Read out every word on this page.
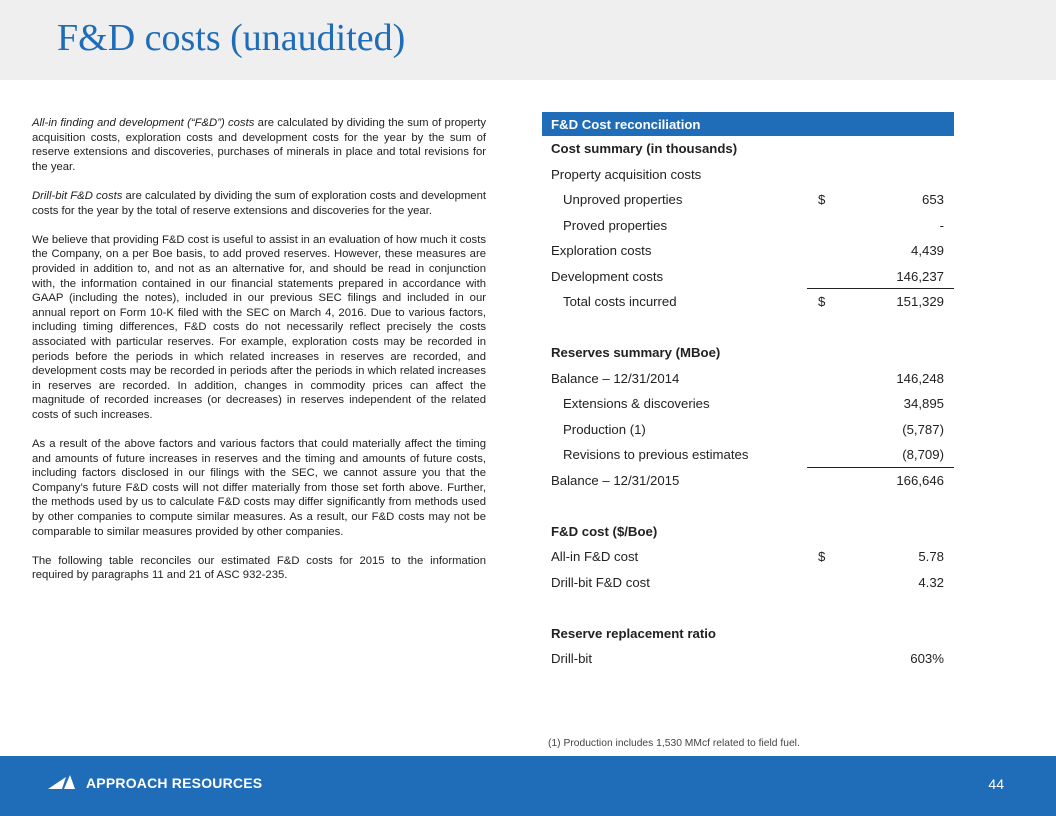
F&D costs (unaudited)

All-in finding and development (“F&D”) costs are calculated by dividing the sum of property acquisition costs, exploration costs and development costs for the year by the sum of reserve extensions and discoveries, purchases of minerals in place and total revisions for the year.

Drill-bit F&D costs are calculated by dividing the sum of exploration costs and development costs for the year by the total of reserve extensions and discoveries for the year.

We believe that providing F&D cost is useful to assist in an evaluation of how much it costs the Company, on a per Boe basis, to add proved reserves. However, these measures are provided in addition to, and not as an alternative for, and should be read in conjunction with, the information contained in our financial statements prepared in accordance with GAAP (including the notes), included in our previous SEC filings and included in our annual report on Form 10-K filed with the SEC on March 4, 2016. Due to various factors, including timing differences, F&D costs do not necessarily reflect precisely the costs associated with particular reserves. For example, exploration costs may be recorded in periods before the periods in which related increases in reserves are recorded, and development costs may be recorded in periods after the periods in which related increases in reserves are recorded. In addition, changes in commodity prices can affect the magnitude of recorded increases (or decreases) in reserves independent of the related costs of such increases.

As a result of the above factors and various factors that could materially affect the timing and amounts of future increases in reserves and the timing and amounts of future costs, including factors disclosed in our filings with the SEC, we cannot assure you that the Company’s future F&D costs will not differ materially from those set forth above. Further, the methods used by us to calculate F&D costs may differ significantly from methods used by other companies to compute similar measures. As a result, our F&D costs may not be comparable to similar measures provided by other companies.

The following table reconciles our estimated F&D costs for 2015 to the information required by paragraphs 11 and 21 of ASC 932-235.

F&D Cost reconciliation
Cost summary (in thousands)
Property acquisition costs
Unproved properties	$	653
Proved properties	-
Exploration costs	4,439
Development costs	146,237
Total costs incurred	$	151,329
Reserves summary (MBoe)
Balance – 12/31/2014	146,248
Extensions & discoveries	34,895
Production (1)	(5,787)
Revisions to previous estimates	(8,709)
Balance – 12/31/2015	166,646
F&D cost ($/Boe)
All-in F&D cost	$	5.78
Drill-bit F&D cost	4.32
Reserve replacement ratio
Drill-bit	603%
(1) Production includes 1,530 MMcf related to field fuel.
APPROACH RESOURCES	44
